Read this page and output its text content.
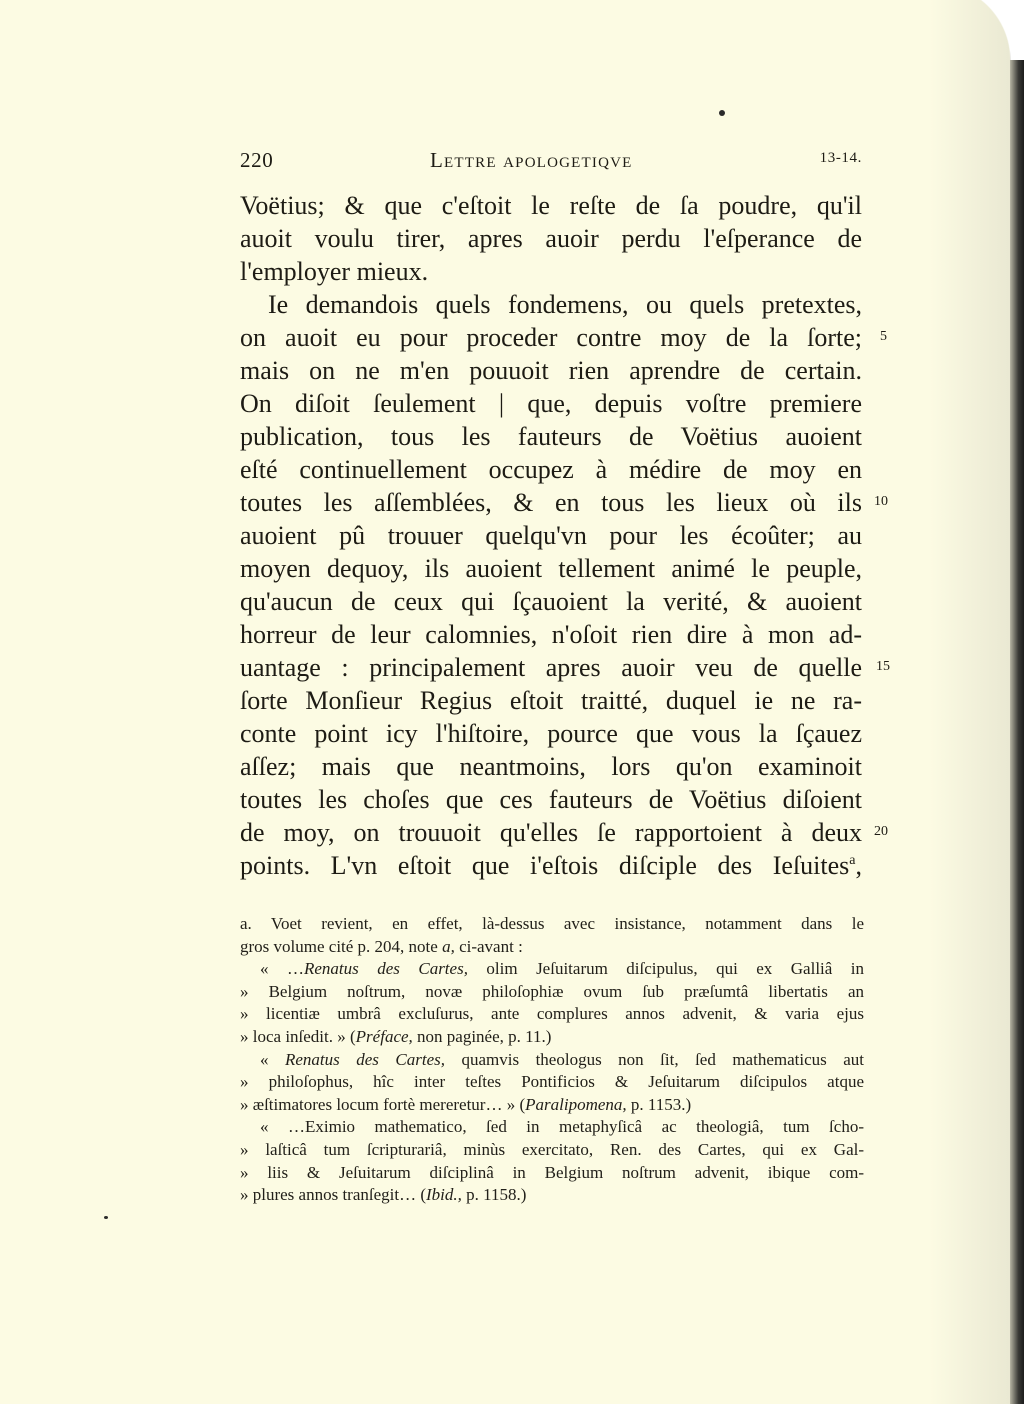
220	Lettre apologetiqve	13-14.
Voëtius; & que c'eſtoit le reſte de ſa poudre, qu'il
auoit voulu tirer, apres auoir perdu l'eſperance de
l'employer mieux.
Ie demandois quels fondemens, ou quels pretextes,
on auoit eu pour proceder contre moy de la ſorte;
mais on ne m'en pouuoit rien aprendre de certain.
On diſoit ſeulement | que, depuis voſtre premiere
publication, tous les fauteurs de Voëtius auoient
eſté continuellement occupez à médire de moy en
toutes les aſſemblées, & en tous les lieux où ils
auoient pû trouuer quelqu'vn pour les écoûter; au
moyen dequoy, ils auoient tellement animé le peuple,
qu'aucun de ceux qui ſçauoient la verité, & auoient
horreur de leur calomnies, n'oſoit rien dire à mon ad-
uantage : principalement apres auoir veu de quelle
ſorte Monſieur Regius eſtoit traitté, duquel ie ne ra-
conte point icy l'hiſtoire, pource que vous la ſçauez
aſſez; mais que neantmoins, lors qu'on examinoit
toutes les choſes que ces fauteurs de Voëtius diſoient
de moy, on trouuoit qu'elles ſe rapportoient à deux
points. L'vn eſtoit que i'eſtois diſciple des Ieſuites$^a$,
5
10
15
20
a. Voet revient, en effet, là-dessus avec insistance, notamment dans le
gros volume cité p. 204, note a, ci-avant :
« …Renatus des Cartes, olim Jeſuitarum diſcipulus, qui ex Galliâ in
» Belgium noſtrum, novæ philoſophiæ ovum ſub præſumtâ libertatis an
» licentiæ umbrâ excluſurus, ante complures annos advenit, & varia ejus
» loca inſedit. » (Préface, non paginée, p. 11.)
« Renatus des Cartes, quamvis theologus non ſit, ſed mathematicus aut
» philoſophus, hîc inter teſtes Pontificios & Jeſuitarum diſcipulos atque
» æſtimatores locum fortè mereretur… » (Paralipomena, p. 1153.)
« …Eximio mathematico, ſed in metaphyſicâ ac theologiâ, tum ſcho-
» laſticâ tum ſcripturariâ, minùs exercitato, Ren. des Cartes, qui ex Gal-
» liis & Jeſuitarum diſciplinâ in Belgium noſtrum advenit, ibique com-
» plures annos tranſegit… (Ibid., p. 1158.)
